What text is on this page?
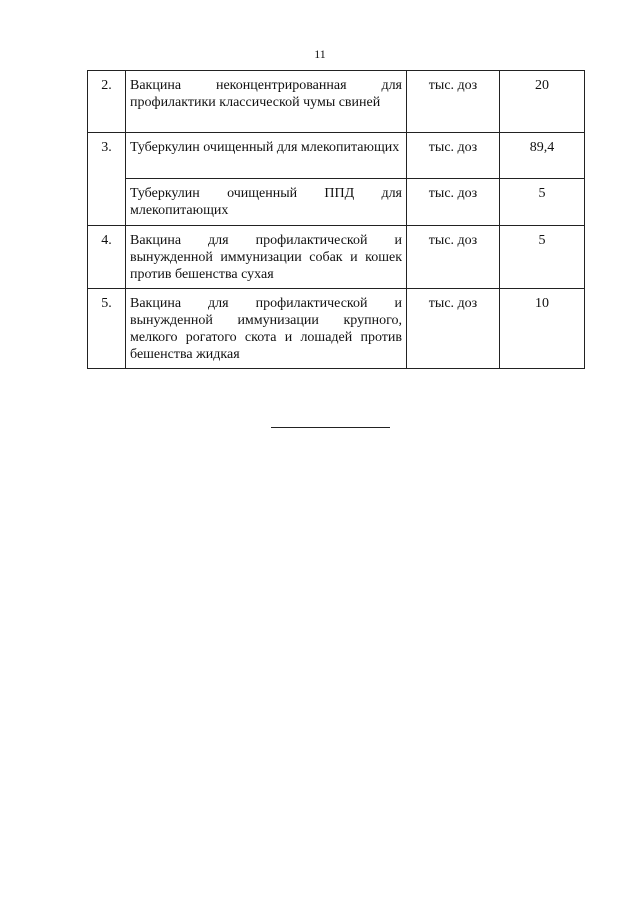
11
2.	Вакцина неконцентрированная для профилактики классической чумы свиней	тыс. доз	20
3.	Туберкулин очищенный для млекопитающих	тыс. доз	89,4
	Туберкулин очищенный ППД для млекопитающих	тыс. доз	5
4.	Вакцина для профилактической и вынужденной иммунизации собак и кошек против бешенства сухая	тыс. доз	5
5.	Вакцина для профилактической и вынужденной иммунизации крупного, мелкого рогатого скота и лошадей против бешенства жидкая	тыс. доз	10
